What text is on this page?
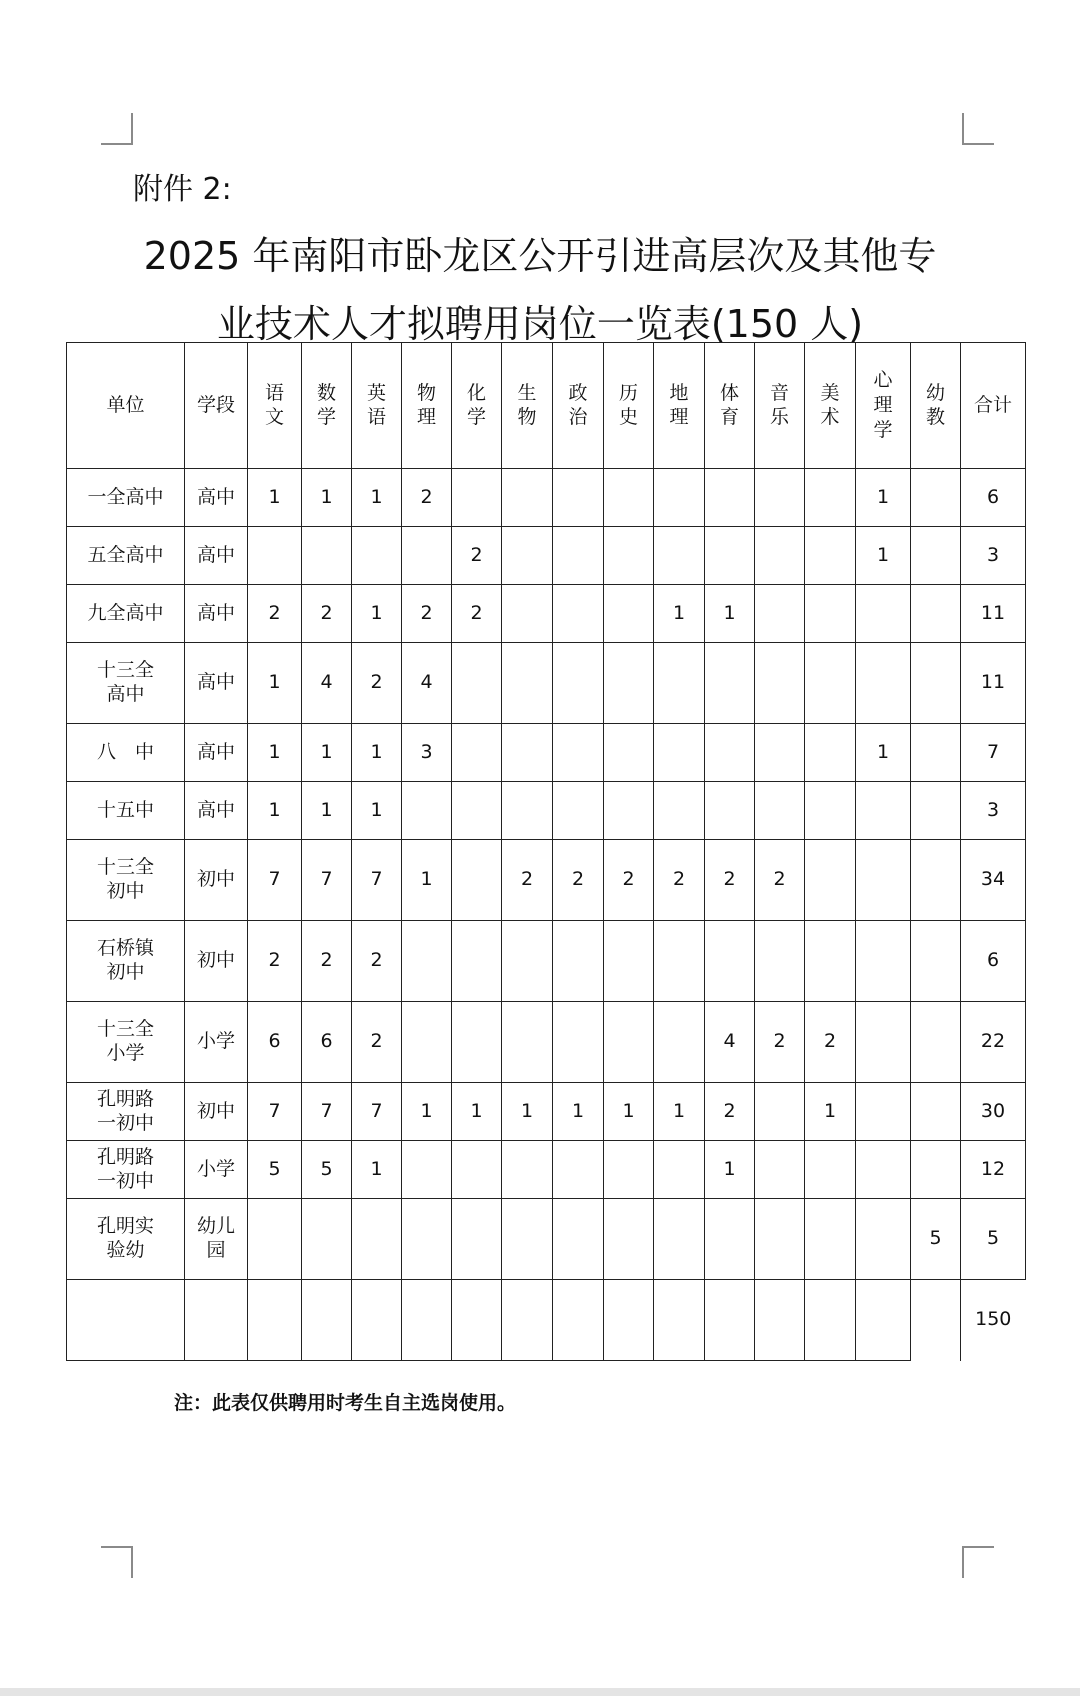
附件 2:
2025 年南阳市卧龙区公开引进高层次及其他专
业技术人才拟聘用岗位一览表(150 人)
单位	学段	语文	数学	英语	物理	化学	生物	政治	历史	地理	体育	音乐	美术	心理学	幼教	合计
一全高中	高中	1	1	1	2									1		6
五全高中	高中					2								1		3
九全高中	高中	2	2	1	2	2				1	1					11
十三全高中	高中	1	4	2	4											11
八　中	高中	1	1	1	3									1		7
十五中	高中	1	1	1												3
十三全初中	初中	7	7	7	1		2	2	2	2	2	2				34
石桥镇初中	初中	2	2	2												6
十三全小学	小学	6	6	2							4	2	2			22
孔明路一初中	初中	7	7	7	1	1	1	1	1	1	2		1			30
孔明路一初中	小学	5	5	1							1					12
孔明实验幼	幼儿园														5	5
																150
注：此表仅供聘用时考生自主选岗使用。
